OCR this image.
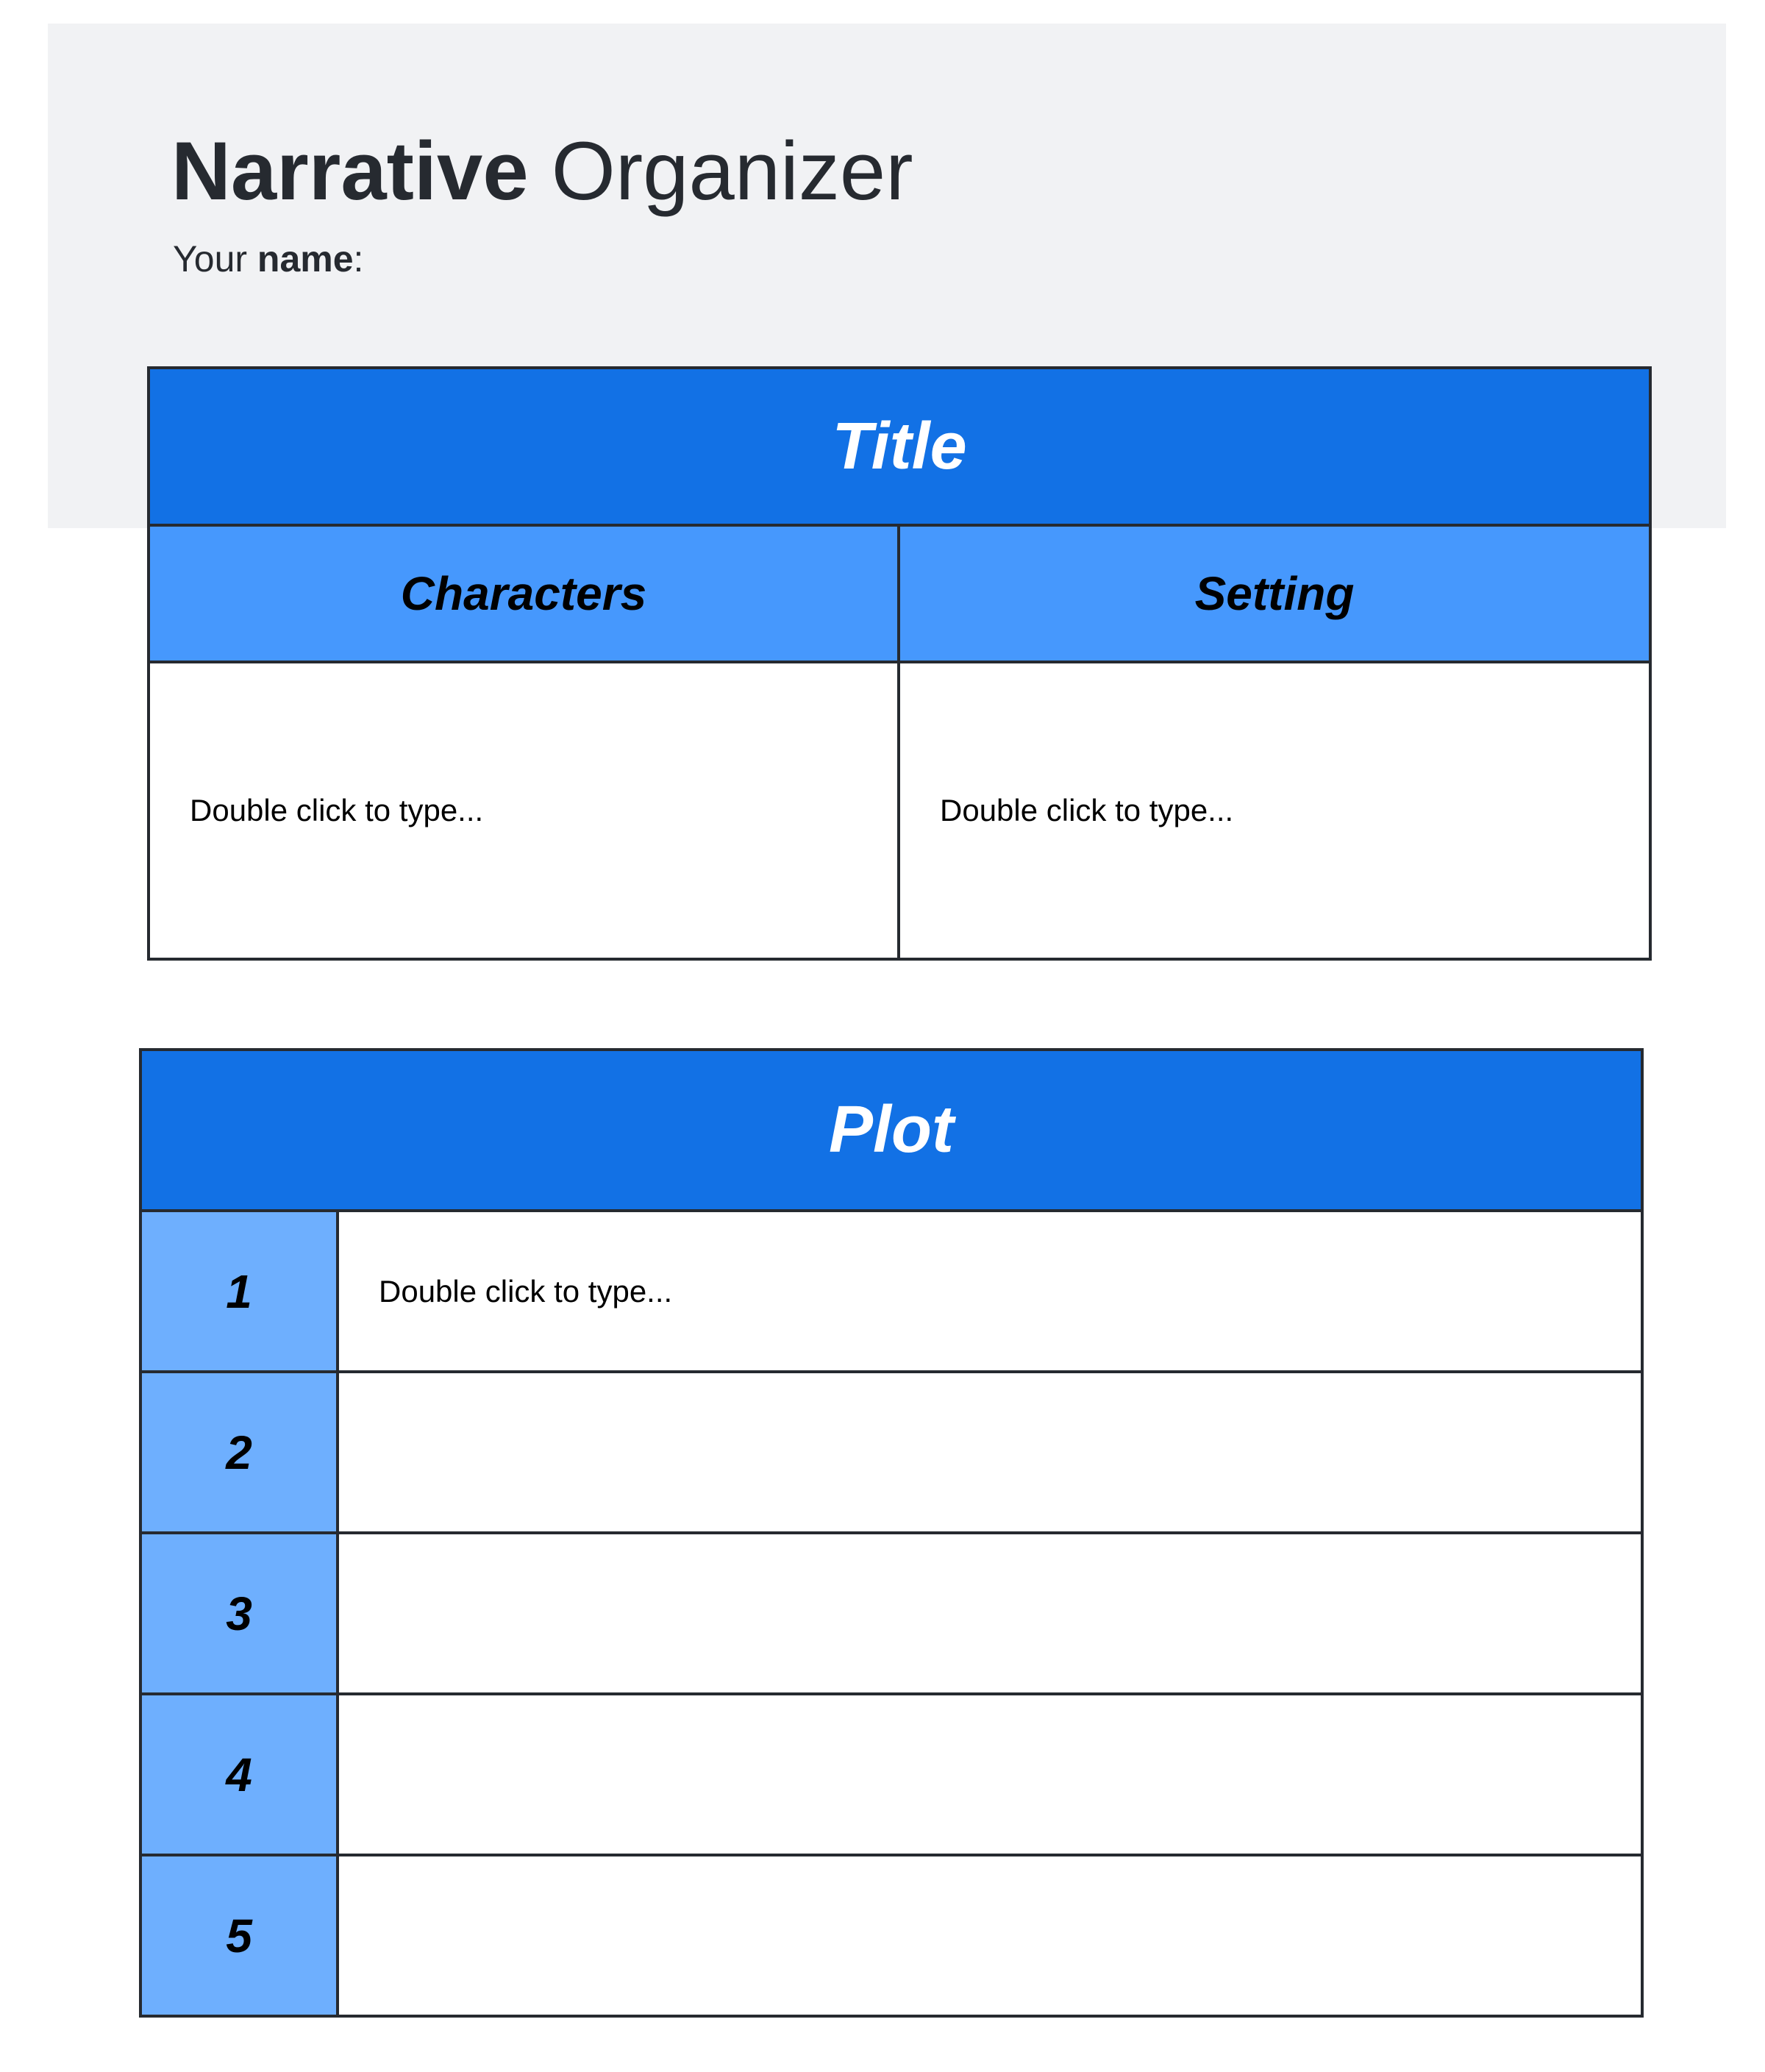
Narrative Organizer
Your name:
Title	
Characters	Setting
Double click to type...	Double click to type...
Plot	
1	Double click to type...
2	
3	
4	
5	
